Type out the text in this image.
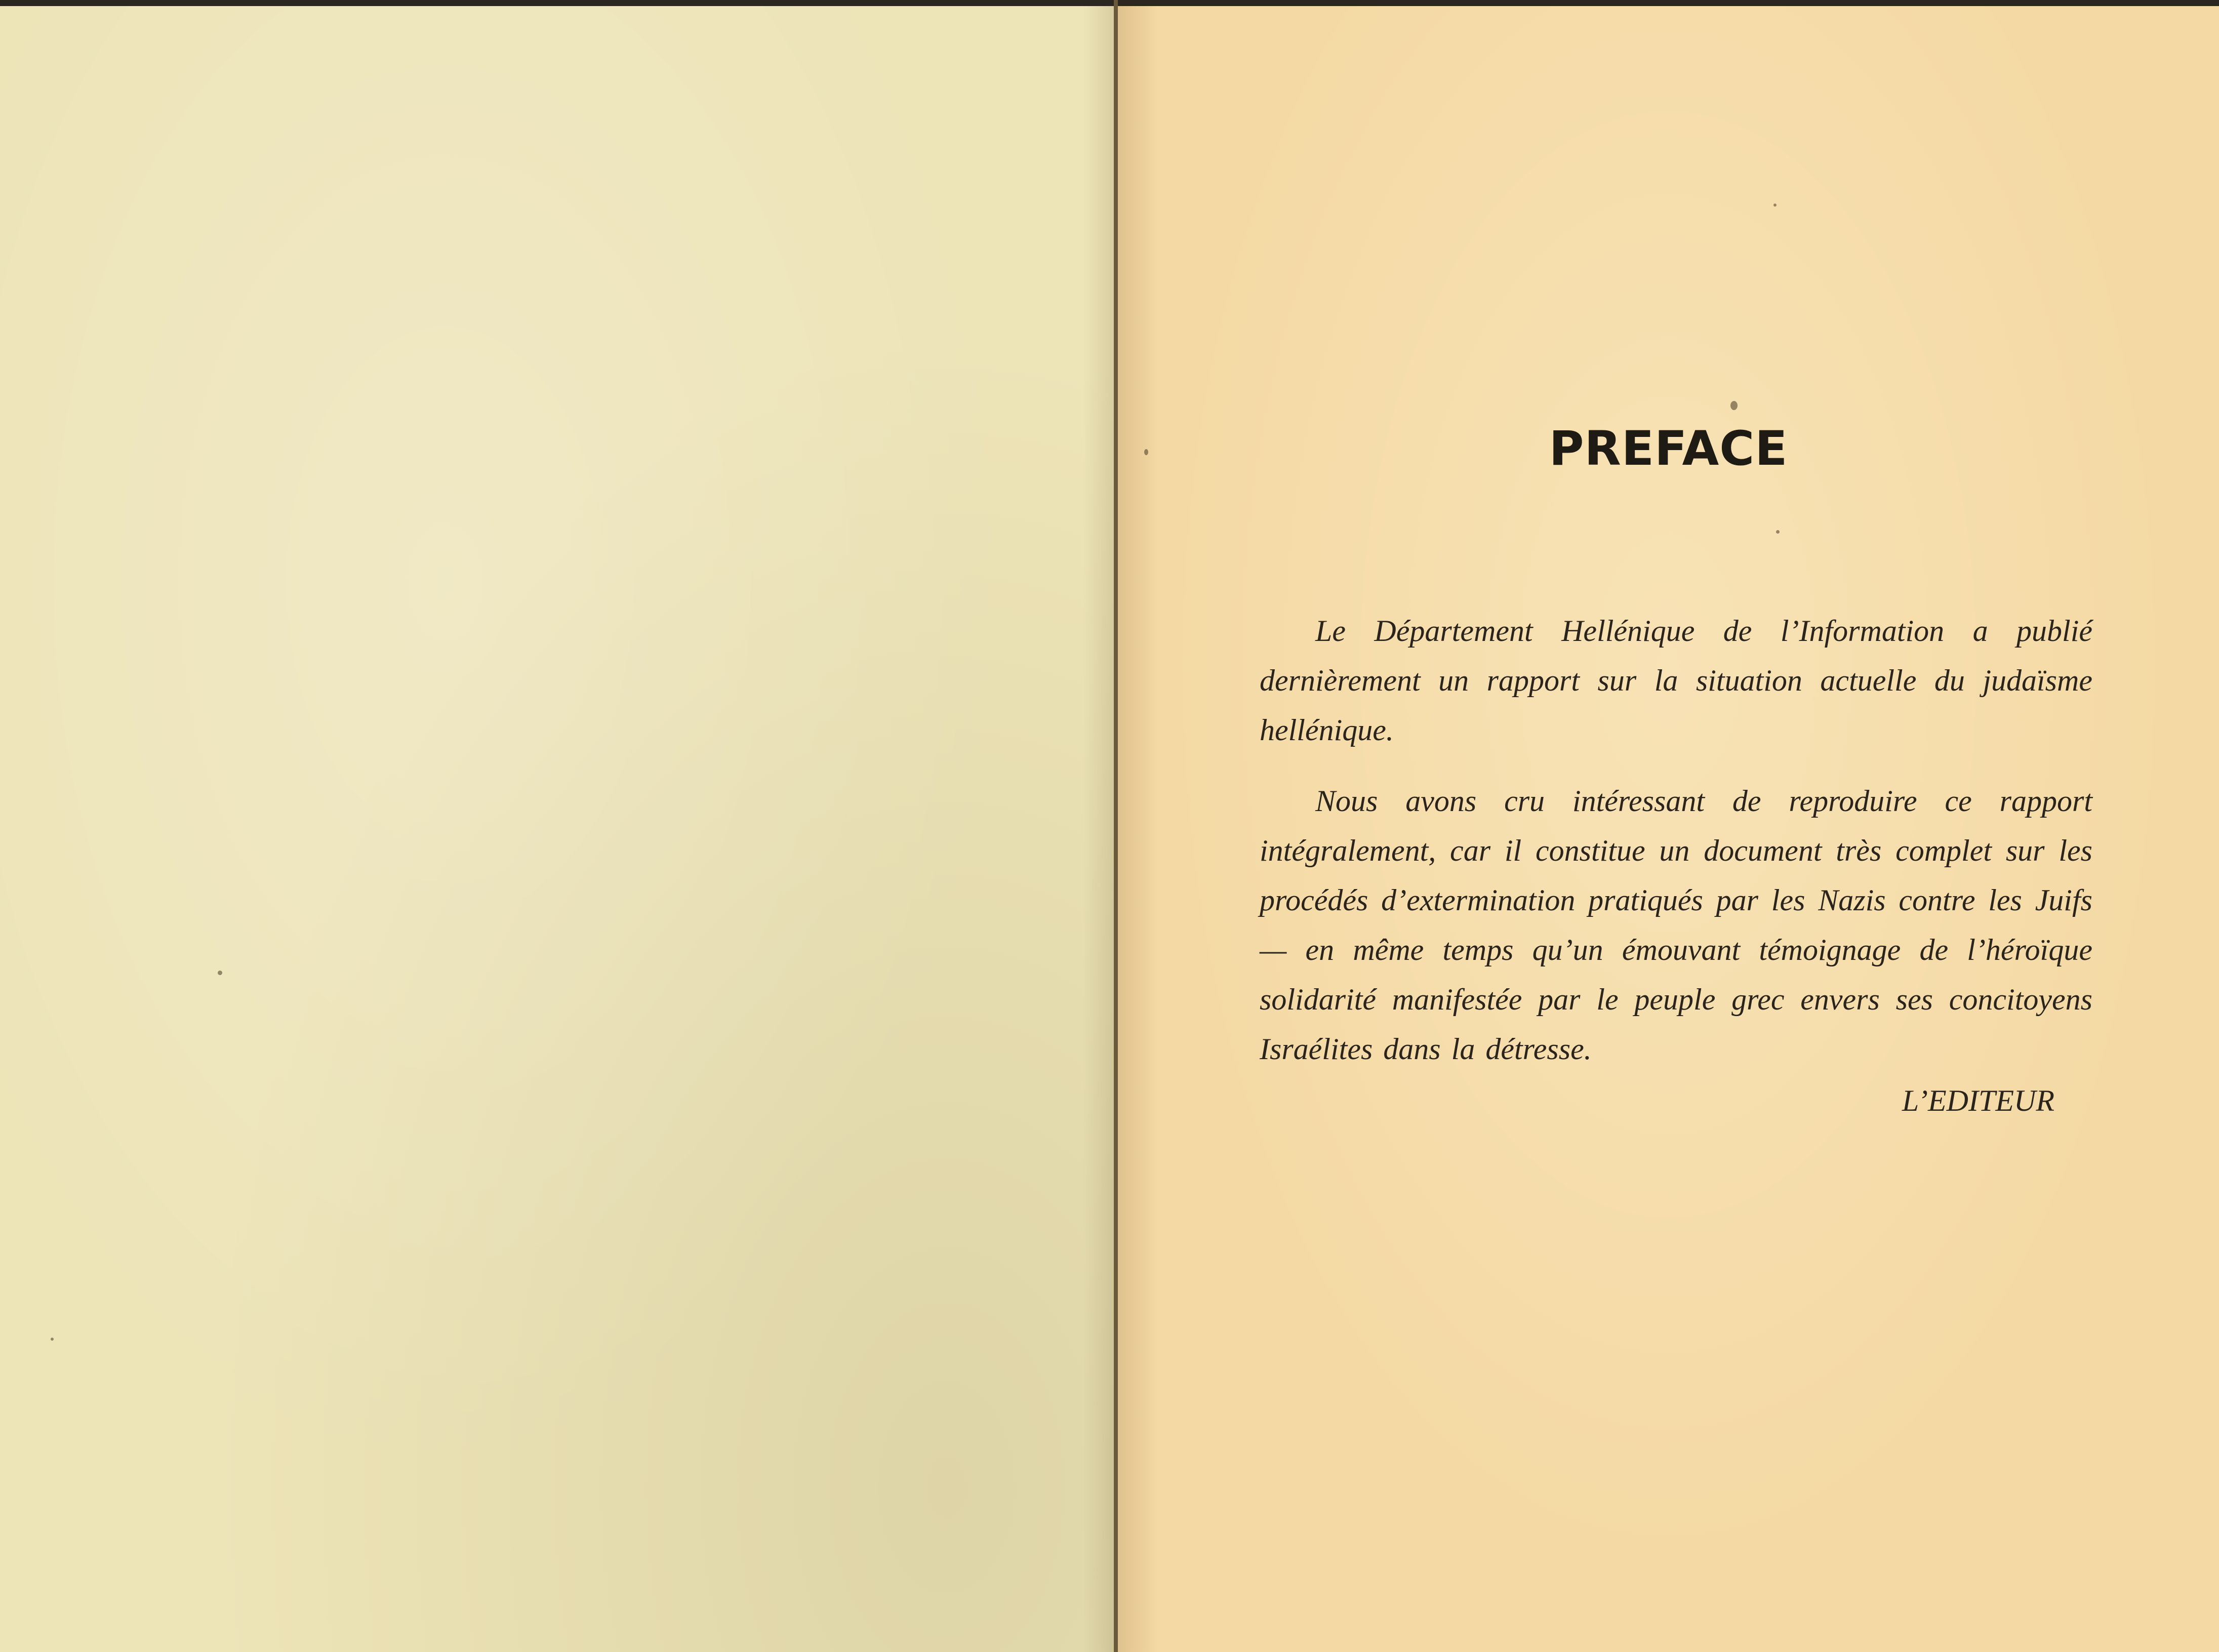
PREFACE

Le Département Hellénique de l’Information a publié dernièrement un rapport sur la situation actuelle du judaïsme hellénique.

Nous avons cru intéressant de reproduire ce rapport intégralement, car il constitue un document très complet sur les procédés d’extermination pratiqués par les Nazis contre les Juifs — en même temps qu’un émouvant témoignage de l’héroïque solidarité manifestée par le peuple grec envers ses concitoyens Israélites dans la détresse.

L’EDITEUR
